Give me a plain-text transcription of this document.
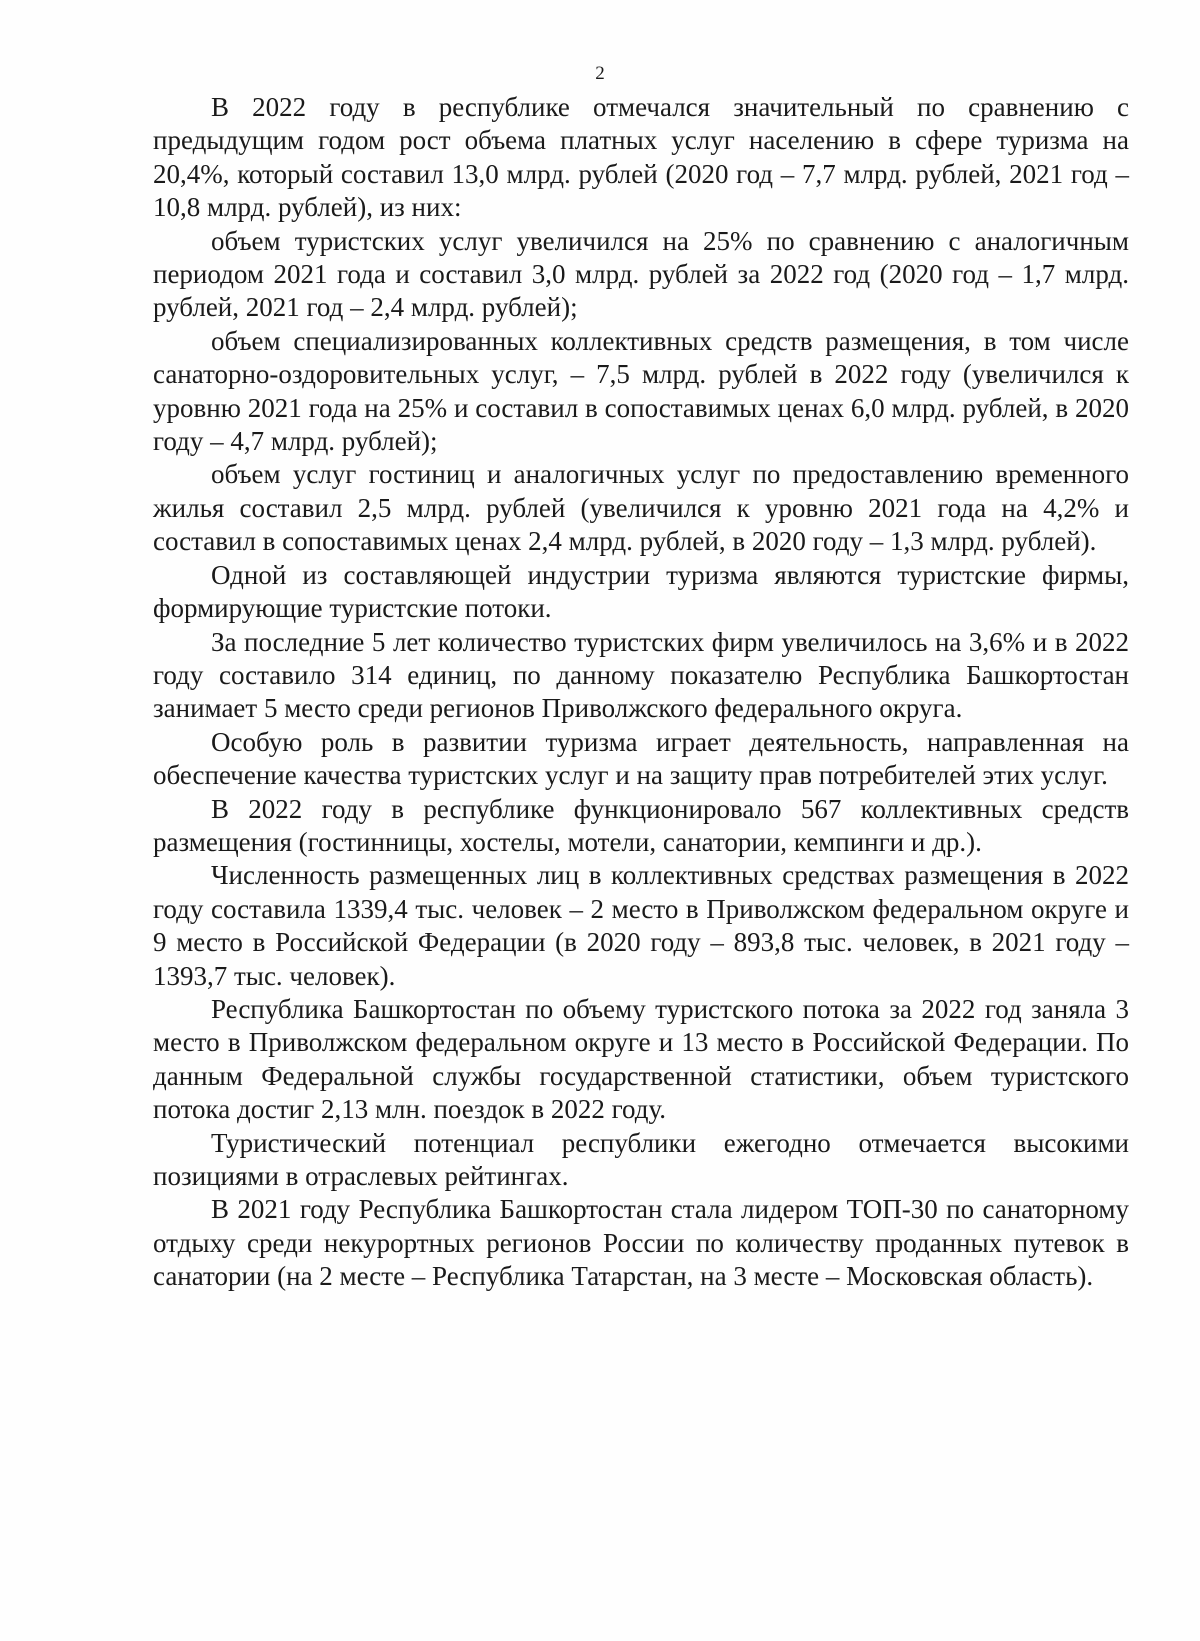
2

В 2022 году в республике отмечался значительный по сравнению с предыдущим годом рост объема платных услуг населению в сфере туризма на 20,4%, который составил 13,0 млрд. рублей (2020 год – 7,7 млрд. рублей, 2021 год – 10,8 млрд. рублей), из них:

объем туристских услуг увеличился на 25% по сравнению с аналогичным периодом 2021 года и составил 3,0 млрд. рублей за 2022 год (2020 год – 1,7 млрд. рублей, 2021 год – 2,4 млрд. рублей);

объем специализированных коллективных средств размещения, в том числе санаторно-оздоровительных услуг, – 7,5 млрд. рублей в 2022 году (увеличился к уровню 2021 года на 25% и составил в сопоставимых ценах 6,0 млрд. рублей, в 2020 году – 4,7 млрд. рублей);

объем услуг гостиниц и аналогичных услуг по предоставлению временного жилья составил 2,5 млрд. рублей (увеличился к уровню 2021 года на 4,2% и составил в сопоставимых ценах 2,4 млрд. рублей, в 2020 году – 1,3 млрд. рублей).

Одной из составляющей индустрии туризма являются туристские фирмы, формирующие туристские потоки.

За последние 5 лет количество туристских фирм увеличилось на 3,6% и в 2022 году составило 314 единиц, по данному показателю Республика Башкортостан занимает 5 место среди регионов Приволжского федерального округа.

Особую роль в развитии туризма играет деятельность, направленная на обеспечение качества туристских услуг и на защиту прав потребителей этих услуг.

В 2022 году в республике функционировало 567 коллективных средств размещения (гостинницы, хостелы, мотели, санатории, кемпинги и др.).

Численность размещенных лиц в коллективных средствах размещения в 2022 году составила 1339,4 тыс. человек – 2 место в Приволжском федеральном округе и 9 место в Российской Федерации (в 2020 году – 893,8 тыс. человек, в 2021 году – 1393,7 тыс. человек).

Республика Башкортостан по объему туристского потока за 2022 год заняла 3 место в Приволжском федеральном округе и 13 место в Российской Федерации. По данным Федеральной службы государственной статистики, объем туристского потока достиг 2,13 млн. поездок в 2022 году.

Туристический потенциал республики ежегодно отмечается высокими позициями в отраслевых рейтингах.

В 2021 году Республика Башкортостан стала лидером ТОП-30 по санаторному отдыху среди некурортных регионов России по количеству проданных путевок в санатории (на 2 месте – Республика Татарстан, на 3 месте – Московская область).
